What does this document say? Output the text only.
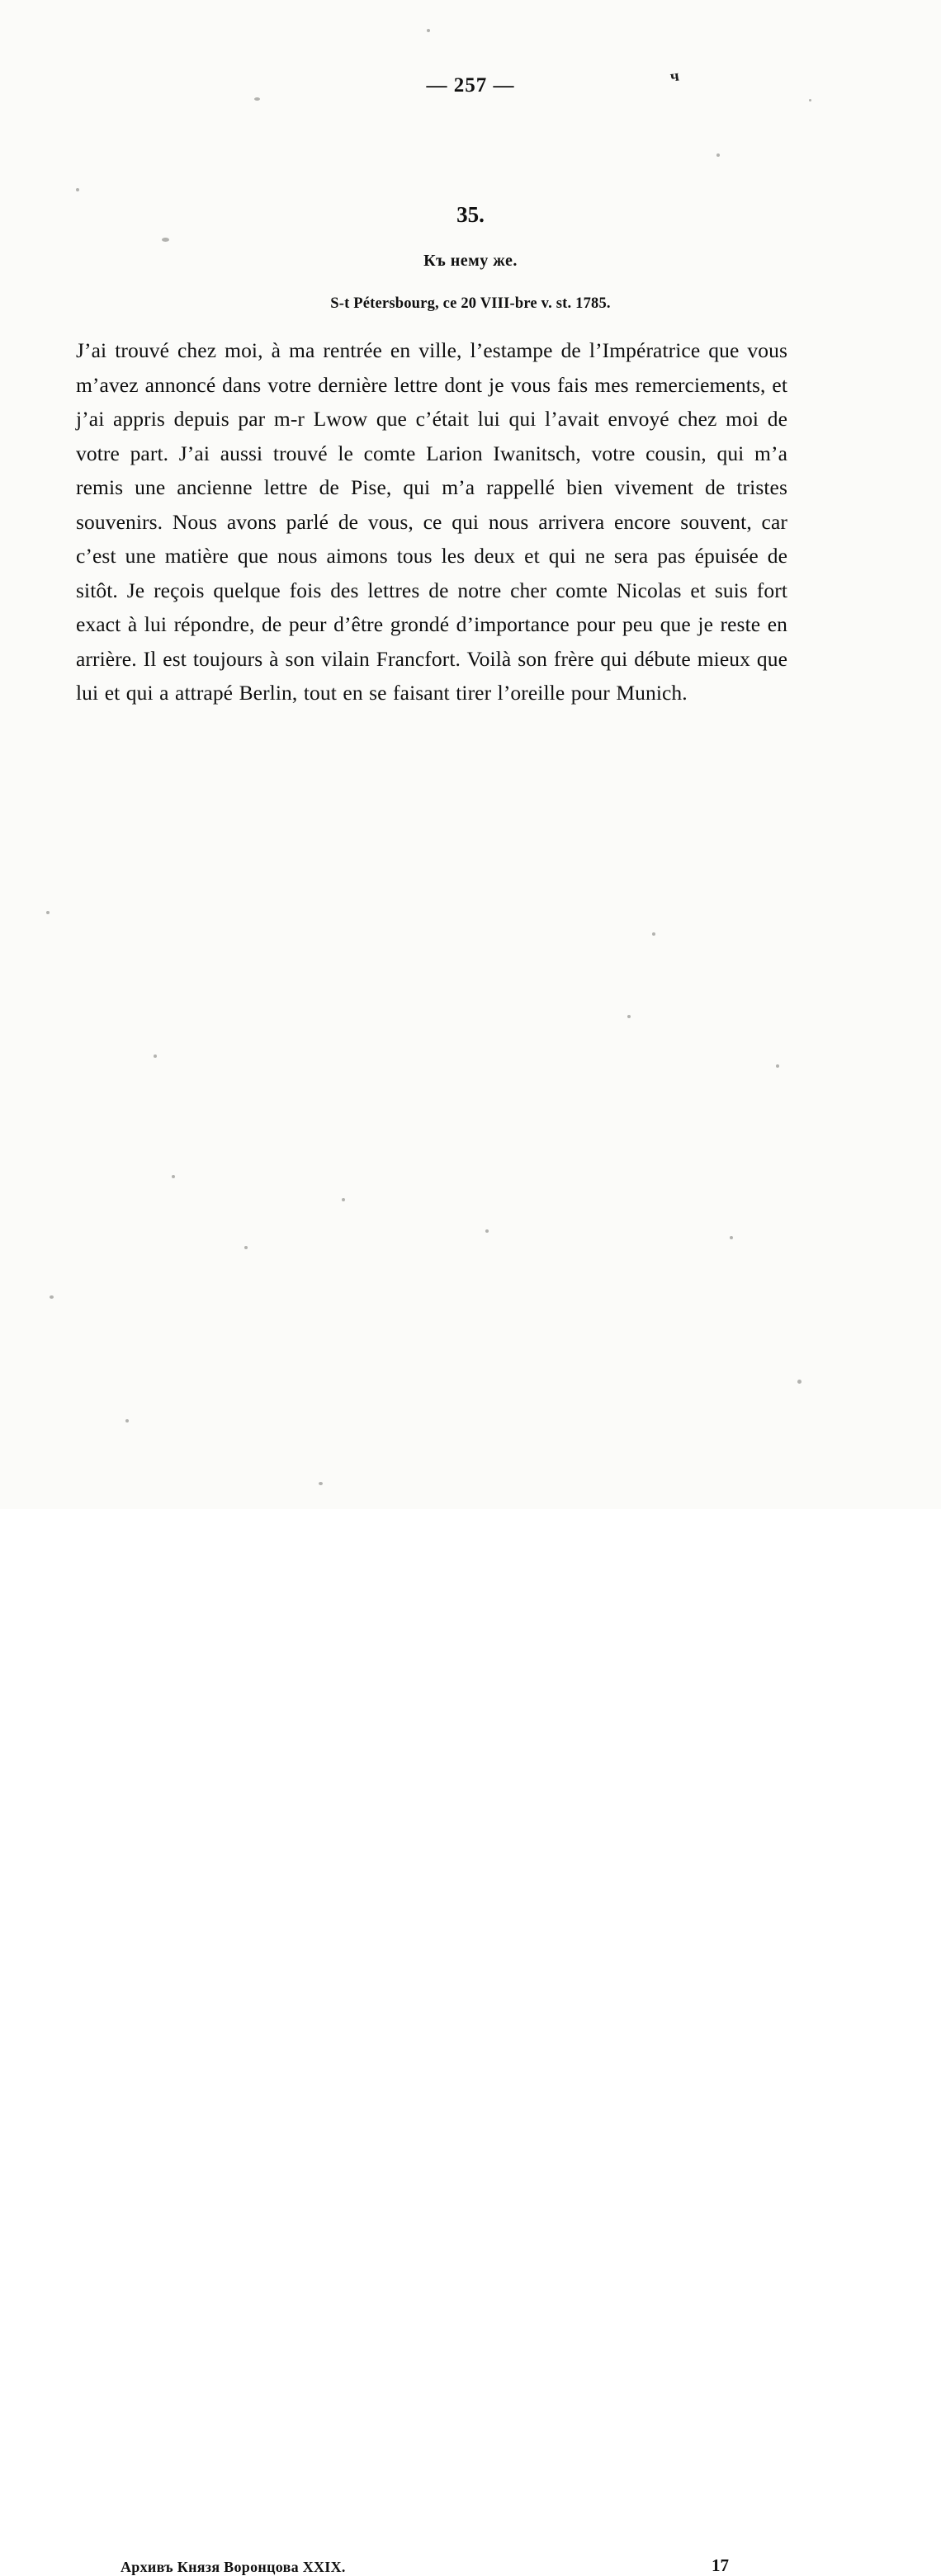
— 257 —	ч
35.
Къ нему же.
S-t Pétersbourg, ce 20 VIII-bre v. st. 1785.
J’ai trouvé chez moi, à ma rentrée en ville, l’estampe de l’Impératrice que vous m’avez annoncé dans votre dernière lettre dont je vous fais mes remerciements, et j’ai appris depuis par m-r Lwow que c’était lui qui l’avait envoyé chez moi de votre part. J’ai aussi trouvé le comte Larion Iwanitsch, votre cousin, qui m’a remis une ancienne lettre de Pise, qui m’a rappellé bien vivement de tristes souvenirs. Nous avons parlé de vous, ce qui nous arrivera encore souvent, car c’est une matière que nous aimons tous les deux et qui ne sera pas épuisée de sitôt. Je reçois quelque fois des lettres de notre cher comte Nicolas et suis fort exact à lui répondre, de peur d’être grondé d’importance pour peu que je reste en arrière. Il est toujours à son vilain Francfort. Voilà son frère qui débute mieux que lui et qui a attrapé Berlin, tout en se faisant tirer l’oreille pour Munich.
Архивъ Князя Воронцова XXIX.	17
